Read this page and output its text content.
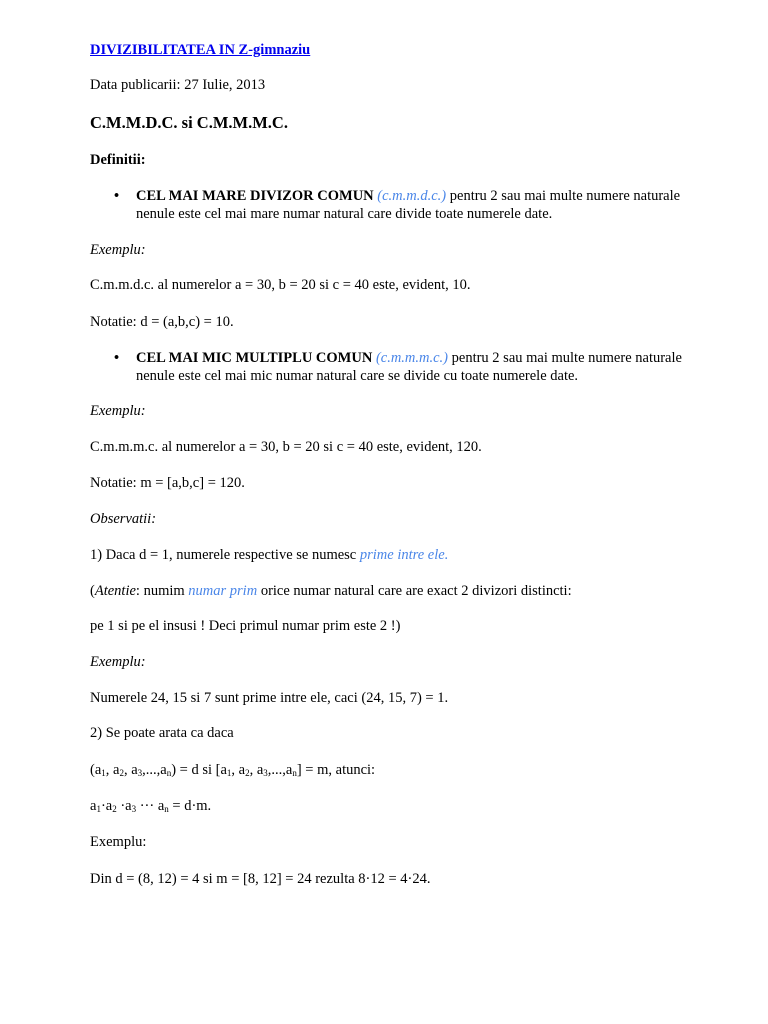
DIVIZIBILITATEA IN Z-gimnaziu
Data publicarii: 27 Iulie, 2013
C.M.M.D.C. si C.M.M.M.C.
Definitii:
• CEL MAI MARE DIVIZOR COMUN (c.m.m.d.c.) pentru 2 sau mai multe numere naturale
nenule este cel mai mare numar natural care divide toate numerele date.
Exemplu:
C.m.m.d.c. al numerelor a = 30, b = 20 si c = 40 este, evident, 10.
Notatie: d = (a,b,c) = 10.
• CEL MAI MIC MULTIPLU COMUN (c.m.m.m.c.) pentru 2 sau mai multe numere naturale
nenule este cel mai mic numar natural care se divide cu toate numerele date.
Exemplu:
C.m.m.m.c. al numerelor a = 30, b = 20 si c = 40 este, evident, 120.
Notatie: m = [a,b,c] = 120.
Observatii:
1) Daca d = 1, numerele respective se numesc prime intre ele.
(Atentie: numim numar prim orice numar natural care are exact 2 divizori distincti:
pe 1 si pe el insusi ! Deci primul numar prim este 2 !)
Exemplu:
Numerele 24, 15 si 7 sunt prime intre ele, caci (24, 15, 7) = 1.
2) Se poate arata ca daca
($a_1$, $a_2$, $a_3,...,a_n) = d$ si [$a_1$, $a_2$, $a_3,...,a_n] = m$, atunci:
$a_1\cdot a_2 \cdot a_3$ ··· $a_n = d\cdot m$.
Exemplu:
Din d = (8, 12) = 4 si m = [8, 12] = 24 rezulta 8·12 = 4·24.
